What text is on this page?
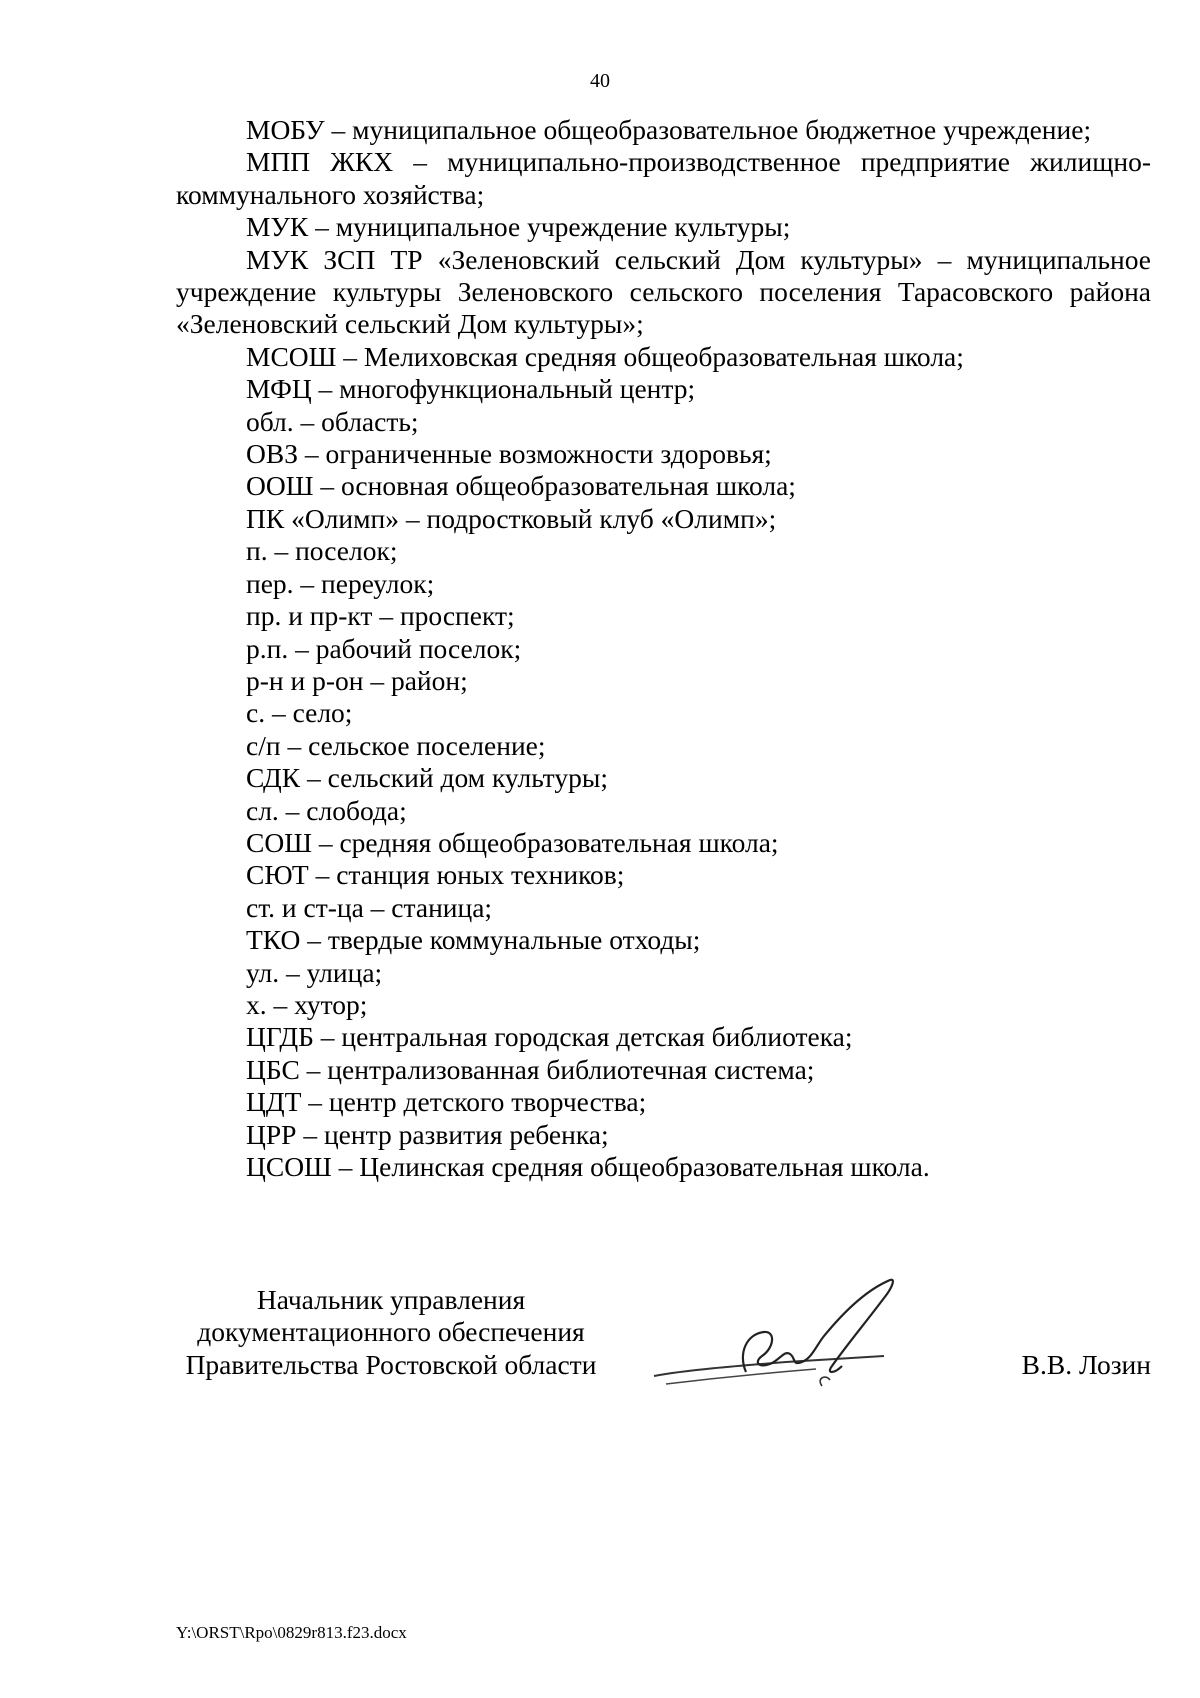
40

МОБУ – муниципальное общеобразовательное бюджетное учреждение;

МПП ЖКХ – муниципально-производственное предприятие жилищно-коммунального хозяйства;

МУК – муниципальное учреждение культуры;

МУК ЗСП ТР «Зеленовский сельский Дом культуры» – муниципальное учреждение культуры Зеленовского сельского поселения Тарасовского района «Зеленовский сельский Дом культуры»;

МСОШ – Мелиховская средняя общеобразовательная школа;

МФЦ – многофункциональный центр;

обл. – область;

ОВЗ – ограниченные возможности здоровья;

ООШ – основная общеобразовательная школа;

ПК «Олимп» – подростковый клуб «Олимп»;

п. – поселок;

пер. – переулок;

пр. и пр-кт – проспект;

р.п. – рабочий поселок;

р-н и р-он – район;

с. – село;

с/п – сельское поселение;

СДК – сельский дом культуры;

сл. – слобода;

СОШ – средняя общеобразовательная школа;

СЮТ – станция юных техников;

ст. и ст-ца – станица;

ТКО – твердые коммунальные отходы;

ул. – улица;

х. – хутор;

ЦГДБ – центральная городская детская библиотека;

ЦБС – централизованная библиотечная система;

ЦДТ – центр детского творчества;

ЦРР – центр развития ребенка;

ЦСОШ – Целинская средняя общеобразовательная школа.

Начальник управления
документационного обеспечения
Правительства Ростовской области	В.В. Лозин
Y:\ORST\Rpo\0829r813.f23.docx
